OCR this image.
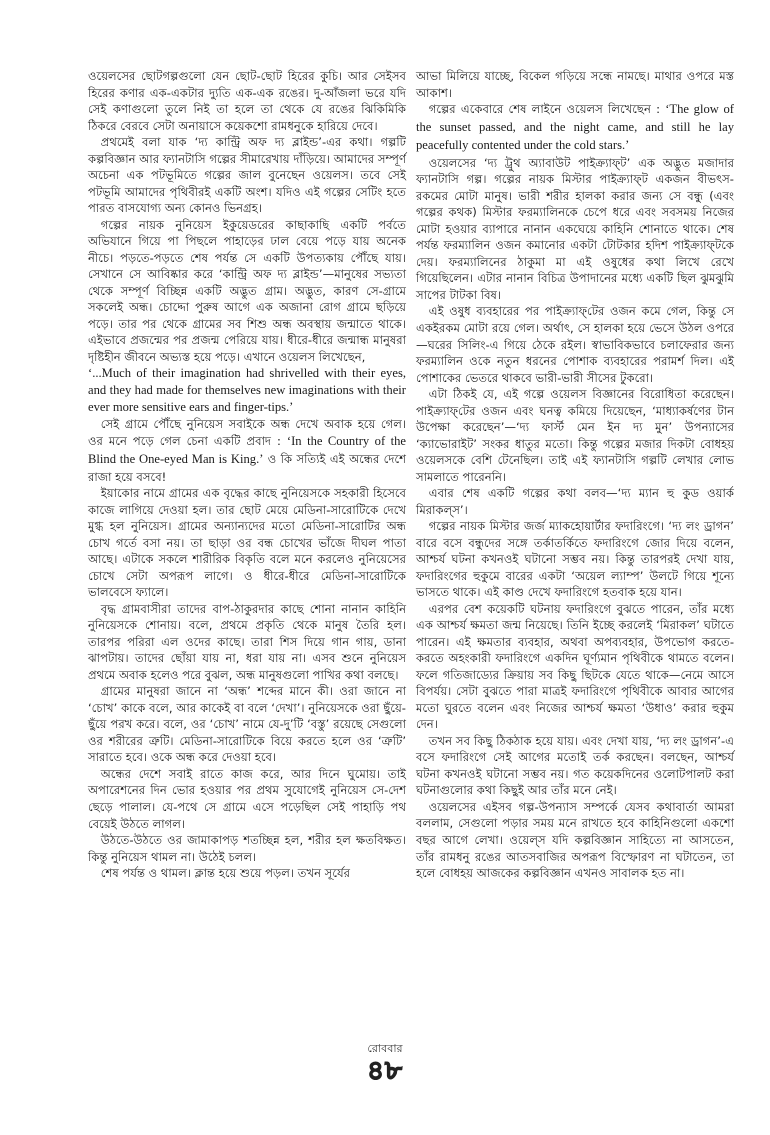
ওয়েলসের ছোটগল্পগুলো যেন ছোট-ছোট হিরের কুচি। আর সেইসব হিরের কণার এক-একটার দ্যুতি এক-এক রঙের। দু-আঁজলা ভরে যদি সেই কণাগুলো তুলে নিই তা হলে তা থেকে যে রঙের ঝিকিমিকি ঠিকরে বেরবে সেটা অনায়াসে কয়েকশো রামধনুকে হারিয়ে দেবে।

প্রথমেই বলা যাক ‘দ্য কান্ট্রি অফ দ্য ব্লাইন্ড’-এর কথা। গল্পটি কল্পবিজ্ঞান আর ফ্যানটাসি গল্পের সীমারেখায় দাঁড়িয়ে। আমাদের সম্পূর্ণ অচেনা এক পটভূমিতে গল্পের জাল বুনেছেন ওয়েলস। তবে সেই পটভূমি আমাদের পৃথিবীরই একটি অংশ। যদিও এই গল্পের সেটিং হতে পারত বাসযোগ্য অন্য কোনও ভিনগ্রহ।

গল্পের নায়ক নুনিয়েস ইকুয়েডরের কাছাকাছি একটি পর্বতে অভিযানে গিয়ে পা পিছলে পাহাড়ের ঢাল বেয়ে পড়ে যায় অনেক নীচে। পড়তে-পড়তে শেষ পর্যন্ত সে একটি উপত্যকায় পৌঁছে যায়। সেখানে সে আবিষ্কার করে ‘কান্ট্রি অফ দ্য ব্লাইন্ড’—মানুষের সভ্যতা থেকে সম্পূর্ণ বিচ্ছিন্ন একটি অদ্ভুত গ্রাম। অদ্ভুত, কারণ সে-গ্রামে সকলেই অন্ধ। চোদ্দো পুরুষ আগে এক অজানা রোগ গ্রামে ছড়িয়ে পড়ে। তার পর থেকে গ্রামের সব শিশু অন্ধ অবস্থায় জন্মাতে থাকে। এইভাবে প্রজন্মের পর প্রজন্ম পেরিয়ে যায়। ধীরে-ধীরে জন্মান্ধ মানুষরা দৃষ্টিহীন জীবনে অভ্যস্ত হয়ে পড়ে। এখানে ওয়েলস লিখেছেন,

‘...Much of their imagination had shrivelled with their eyes, and they had made for themselves new imaginations with their ever more sensitive ears and finger-tips.’

সেই গ্রামে পৌঁছে নুনিয়েস সবাইকে অন্ধ দেখে অবাক হয়ে গেল। ওর মনে পড়ে গেল চেনা একটি প্রবাদ : ‘In the Country of the Blind the One-eyed Man is King.’ ও কি সত্যিই এই অন্ধের দেশে রাজা হয়ে বসবে!

ইয়াকোর নামে গ্রামের এক বৃদ্ধের কাছে নুনিয়েসকে সহকারী হিসেবে কাজে লাগিয়ে দেওয়া হল। তার ছোট মেয়ে মেডিনা-সারোটিকে দেখে মুগ্ধ হল নুনিয়েস। গ্রামের অন্যান্যদের মতো মেডিনা-সারোটির অন্ধ চোখ গর্তে বসা নয়। তা ছাড়া ওর বন্ধ চোখের ভাঁজে দীঘল পাতা আছে। এটাকে সকলে শারীরিক বিকৃতি বলে মনে করলেও নুনিয়েসের চোখে সেটা অপরূপ লাগে। ও ধীরে-ধীরে মেডিনা-সারোটিকে ভালবেসে ফ্যালে।

বৃদ্ধ গ্রামবাসীরা তাদের বাপ-ঠাকুরদার কাছে শোনা নানান কাহিনি নুনিয়েসকে শোনায়। বলে, প্রথমে প্রকৃতি থেকে মানুষ তৈরি হল। তারপর পরিরা এল ওদের কাছে। তারা শিস দিয়ে গান গায়, ডানা ঝাপটায়। তাদের ছোঁয়া যায় না, ধরা যায় না। এসব শুনে নুনিয়েস প্রথমে অবাক হলেও পরে বুঝল, অন্ধ মানুষগুলো পাখির কথা বলছে।

গ্রামের মানুষরা জানে না ‘অন্ধ’ শব্দের মানে কী। ওরা জানে না ‘চোখ’ কাকে বলে, আর কাকেই বা বলে ‘দেখা’। নুনিয়েসকে ওরা ছুঁয়ে-ছুঁয়ে পরখ করে। বলে, ওর ‘চোখ’ নামে যে-দু’টি ‘বস্তু’ রয়েছে সেগুলো ওর শরীরের ত্রুটি। মেডিনা-সারোটিকে বিয়ে করতে হলে ওর ‘ত্রুটি’ সারাতে হবে। ওকে অন্ধ করে দেওয়া হবে।

অন্ধের দেশে সবাই রাতে কাজ করে, আর দিনে ঘুমোয়। তাই অপারেশনের দিন ভোর হওয়ার পর প্রথম সুযোগেই নুনিয়েস সে-দেশ ছেড়ে পালাল। যে-পথে সে গ্রামে এসে পড়েছিল সেই পাহাড়ি পথ বেয়েই উঠতে লাগল।

উঠতে-উঠতে ওর জামাকাপড় শতচ্ছিন্ন হল, শরীর হল ক্ষতবিক্ষত। কিন্তু নুনিয়েস থামল না। উঠেই চলল।

শেষ পর্যন্ত ও থামল। ক্লান্ত হয়ে শুয়ে পড়ল। তখন সূর্যের

আভা মিলিয়ে যাচ্ছে, বিকেল গড়িয়ে সন্ধে নামছে। মাথার ওপরে মস্ত আকাশ।

গল্পের একেবারে শেষ লাইনে ওয়েলস লিখেছেন : ‘The glow of the sunset passed, and the night came, and still he lay peacefully contented under the cold stars.’

ওয়েলসের ‘দ্য ট্রুথ অ্যাবাউট পাইক্র্যাফ্‌ট’ এক অদ্ভুত মজাদার ফ্যানটাসি গল্প। গল্পের নায়ক মিস্টার পাইক্র্যাফ্‌ট একজন বীভৎস-রকমের মোটা মানুষ। ভারী শরীর হালকা করার জন্য সে বন্ধু (এবং গল্পের কথক) মিস্টার ফরম্যালিনকে চেপে ধরে এবং সবসময় নিজের মোটা হওয়ার ব্যাপারে নানান একঘেয়ে কাহিনি শোনাতে থাকে। শেষ পর্যন্ত ফরম্যালিন ওজন কমানোর একটা টোটকার হদিশ পাইক্র্যাফ্‌টকে দেয়। ফরম্যালিনের ঠাকুমা মা এই ওষুধের কথা লিখে রেখে গিয়েছিলেন। এটার নানান বিচিত্র উপাদানের মধ্যে একটি ছিল ঝুমঝুমি সাপের টাটকা বিষ।

এই ওষুধ ব্যবহারের পর পাইক্র্যাফ্‌টের ওজন কমে গেল, কিন্তু সে একইরকম মোটা রয়ে গেল। অর্থাৎ, সে হালকা হয়ে ভেসে উঠল ওপরে—ঘরের সিলিং-এ গিয়ে ঠেকে রইল। স্বাভাবিকভাবে চলাফেরার জন্য ফরম্যালিন ওকে নতুন ধরনের পোশাক ব্যবহারের পরামর্শ দিল। এই পোশাকের ভেতরে থাকবে ভারী-ভারী সীসের টুকরো।

এটা ঠিকই যে, এই গল্পে ওয়েলস বিজ্ঞানের বিরোধিতা করেছেন। পাইক্র্যাফ্‌টের ওজন এবং ঘনত্ব কমিয়ে দিয়েছেন, ‘মাধ্যাকর্ষণের টান উপেক্ষা করেছেন’—‘দ্য ফার্স্ট মেন ইন দ্য মুন’ উপন্যাসের ‘ক্যাভোরাইট’ সংকর ধাতুর মতো। কিন্তু গল্পের মজার দিকটা বোধহয় ওয়েলসকে বেশি টেনেছিল। তাই এই ফ্যানটাসি গল্পটি লেখার লোভ সামলাতে পারেননি।

এবার শেষ একটি গল্পের কথা বলব—‘দ্য ম্যান হু কুড ওয়ার্ক মিরাকল্‌স’।

গল্পের নায়ক মিস্টার জর্জ ম্যাকহোয়ার্টার ফদারিংগে। ‘দ্য লং ড্রাগন’ বারে বসে বন্ধুদের সঙ্গে তর্কাতর্কিতে ফদারিংগে জোর দিয়ে বলেন, আশ্চর্য ঘটনা কখনওই ঘটানো সম্ভব নয়। কিন্তু তারপরই দেখা যায়, ফদারিংগের হুকুমে বারের একটা ‘অয়েল ল্যাম্প’ উলটে গিয়ে শূন্যে ভাসতে থাকে। এই কাণ্ড দেখে ফদারিংগে হতবাক হয়ে যান।

এরপর বেশ কয়েকটি ঘটনায় ফদারিংগে বুঝতে পারেন, তাঁর মধ্যে এক আশ্চর্য ক্ষমতা জন্ম নিয়েছে। তিনি ইচ্ছে করলেই ‘মিরাকল’ ঘটাতে পারেন। এই ক্ষমতার ব্যবহার, অথবা অপব্যবহার, উপভোগ করতে-করতে অহংকারী ফদারিংগে একদিন ঘূর্ণ্যমান পৃথিবীকে থামতে বলেন। ফলে গতিজাড্যের ক্রিয়ায় সব কিছু ছিটকে যেতে থাকে—নেমে আসে বিপর্যয়। সেটা বুঝতে পারা মাত্রই ফদারিংগে পৃথিবীকে আবার আগের মতো ঘুরতে বলেন এবং নিজের আশ্চর্য ক্ষমতা ‘উধাও’ করার হুকুম দেন।

তখন সব কিছু ঠিকঠাক হয়ে যায়। এবং দেখা যায়, ‘দ্য লং ড্রাগন’-এ বসে ফদারিংগে সেই আগের মতোই তর্ক করছেন। বলছেন, আশ্চর্য ঘটনা কখনওই ঘটানো সম্ভব নয়। গত কয়েকদিনের ওলোটপালট করা ঘটনাগুলোর কথা কিছুই আর তাঁর মনে নেই।

ওয়েলসের এইসব গল্প-উপন্যাস সম্পর্কে যেসব কথাবার্তা আমরা বললাম, সেগুলো পড়ার সময় মনে রাখতে হবে কাহিনিগুলো একশো বছর আগে লেখা। ওয়েল্‌স যদি কল্পবিজ্ঞান সাহিত্যে না আসতেন, তাঁর রামধনু রঙের আতসবাজির অপরূপ বিস্ফোরণ না ঘটাতেন, তা হলে বোধহয় আজকের কল্পবিজ্ঞান এখনও সাবালক হত না।

রোববার
৪৮
